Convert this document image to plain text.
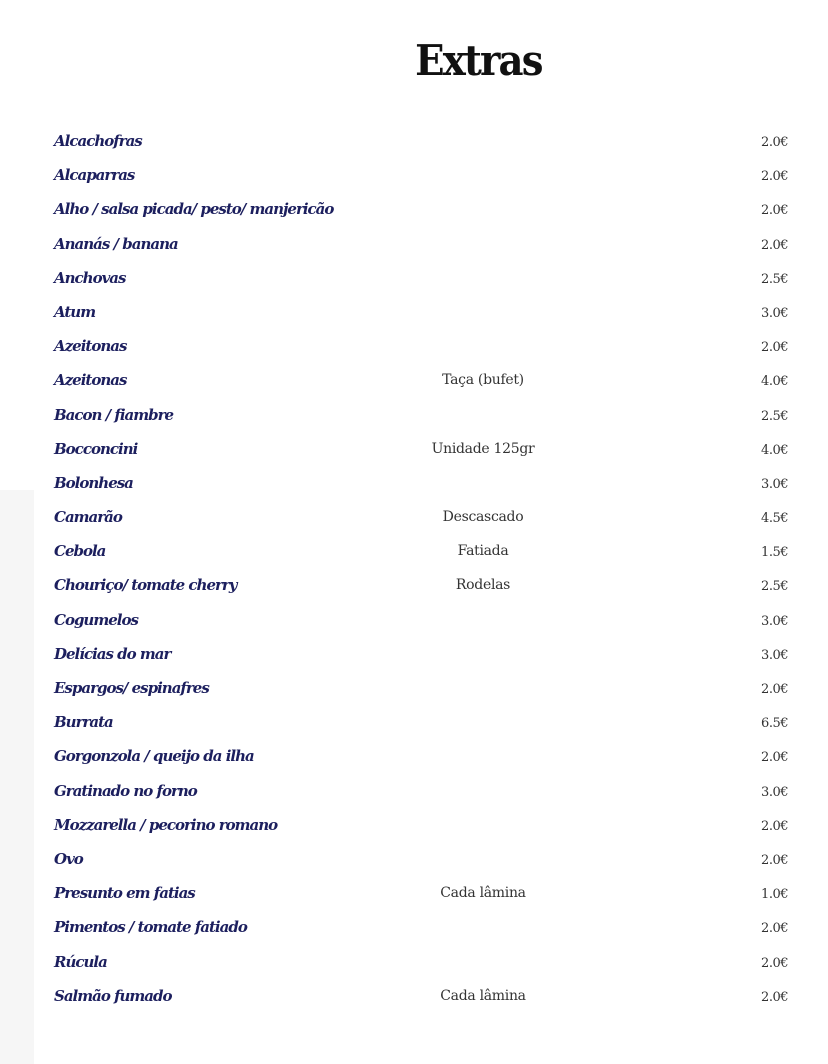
Extras
Alcachofras	2.0€
Alcaparras	2.0€
Alho / salsa picada/ pesto/ manjericão	2.0€
Ananás / banana	2.0€
Anchovas	2.5€
Atum	3.0€
Azeitonas	2.0€
Azeitonas	Taça (bufet)	4.0€
Bacon / fiambre	2.5€
Bocconcini	Unidade 125gr	4.0€
Bolonhesa	3.0€
Camarão	Descascado	4.5€
Cebola	Fatiada	1.5€
Chouriço/ tomate cherry	Rodelas	2.5€
Cogumelos	3.0€
Delícias do mar	3.0€
Espargos/ espinafres	2.0€
Burrata	6.5€
Gorgonzola / queijo da ilha	2.0€
Gratinado no forno	3.0€
Mozzarella / pecorino romano	2.0€
Ovo	2.0€
Presunto em fatias	Cada lâmina	1.0€
Pimentos / tomate fatiado	2.0€
Rúcula	2.0€
Salmão fumado	Cada lâmina	2.0€
